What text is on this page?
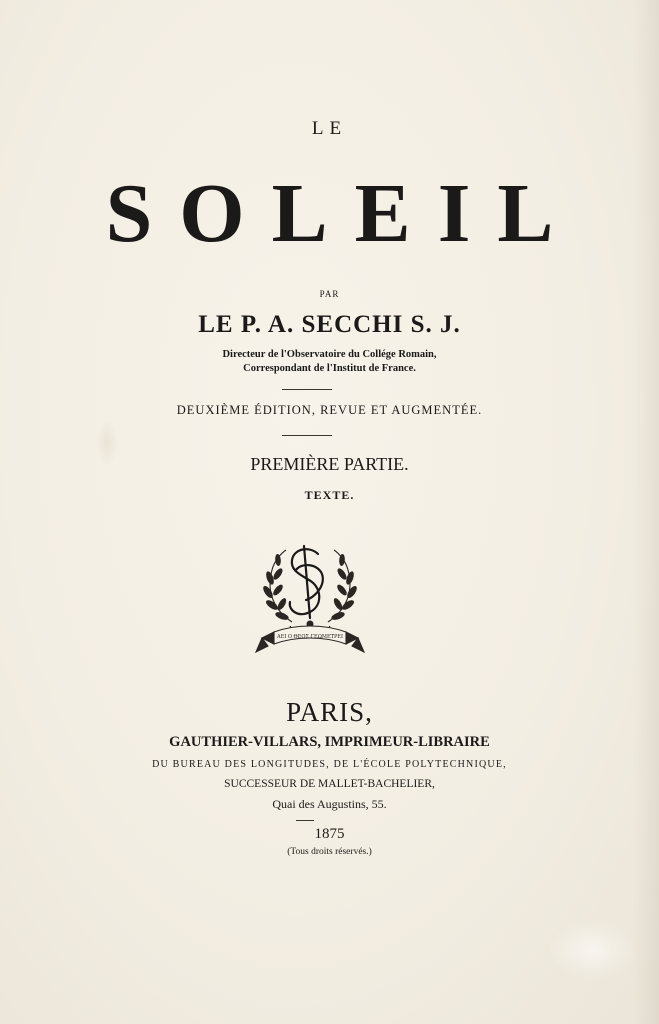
LE

SOLEIL

PAR

LE P. A. SECCHI S. J.

Directeur de l'Observatoire du Collége Romain,

Correspondant de l'Institut de France.

DEUXIÈME ÉDITION, REVUE ET AUGMENTÉE.

PREMIÈRE PARTIE.

TEXTE.

ΑΕΙ Ο ΘΕΟΣ ΓΕΩΜΕΤΡΕΙ

PARIS,

GAUTHIER-VILLARS, IMPRIMEUR-LIBRAIRE

DU BUREAU DES LONGITUDES, DE L'ÉCOLE POLYTECHNIQUE,

SUCCESSEUR DE MALLET-BACHELIER,

Quai des Augustins, 55.

1875

(Tous droits réservés.)
